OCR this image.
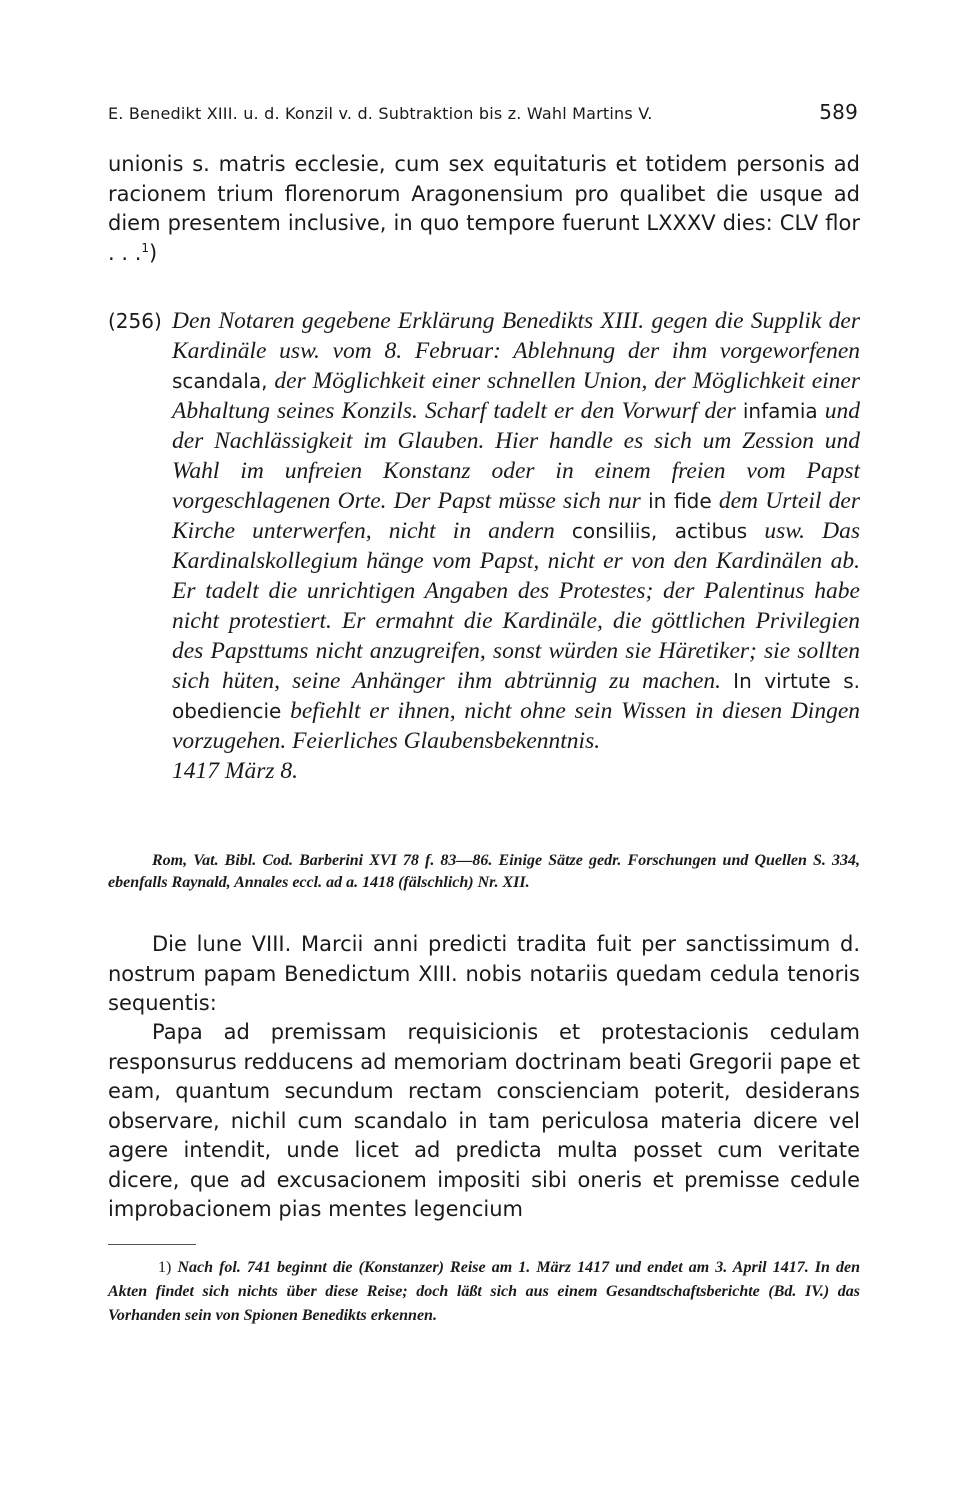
E. Benedikt XIII. u. d. Konzil v. d. Subtraktion bis z. Wahl Martins V.	589
unionis s. matris ecclesie, cum sex equitaturis et totidem personis ad racionem trium florenorum Aragonensium pro qualibet die usque ad diem presentem inclusive, in quo tempore fuerunt LXXXV dies: CLV flor . . .$^1$)
(256) Den Notaren gegebene Erklärung Benedikts XIII. gegen die Supplik der Kardinäle usw. vom 8. Februar: Ablehnung der ihm vorgeworfenen scandala, der Möglichkeit einer schnellen Union, der Möglichkeit einer Abhaltung seines Konzils. Scharf tadelt er den Vorwurf der infamia und der Nachlässigkeit im Glauben. Hier handle es sich um Zession und Wahl im unfreien Konstanz oder in einem freien vom Papst vorgeschlagenen Orte. Der Papst müsse sich nur in fide dem Urteil der Kirche unterwerfen, nicht in andern consiliis, actibus usw. Das Kardinalskollegium hänge vom Papst, nicht er von den Kardinälen ab. Er tadelt die unrichtigen Angaben des Protestes; der Palentinus habe nicht protestiert. Er ermahnt die Kardinäle, die göttlichen Privilegien des Papsttums nicht anzugreifen, sonst würden sie Häretiker; sie sollten sich hüten, seine Anhänger ihm abtrünnig zu machen. In virtute s. obediencie befiehlt er ihnen, nicht ohne sein Wissen in diesen Dingen vorzugehen. Feierliches Glaubensbekenntnis.
1417 März 8.
Rom, Vat. Bibl. Cod. Barberini XVI 78 f. 83—86. Einige Sätze gedr. Forschungen und Quellen S. 334, ebenfalls Raynald, Annales eccl. ad a. 1418 (fälschlich) Nr. XII.
Die lune VIII. Marcii anni predicti tradita fuit per sanctissimum d. nostrum papam Benedictum XIII. nobis notariis quedam cedula tenoris sequentis:
Papa ad premissam requisicionis et protestacionis cedulam responsurus redducens ad memoriam doctrinam beati Gregorii pape et eam, quantum secundum rectam conscienciam poterit, desiderans observare, nichil cum scandalo in tam periculosa materia dicere vel agere intendit, unde licet ad predicta multa posset cum veritate dicere, que ad excusacionem impositi sibi oneris et premisse cedule improbacionem pias mentes legencium
1) Nach fol. 741 beginnt die (Konstanzer) Reise am 1. März 1417 und endet am 3. April 1417. In den Akten findet sich nichts über diese Reise; doch läßt sich aus einem Gesandtschaftsberichte (Bd. IV.) das Vorhanden sein von Spionen Benedikts erkennen.
